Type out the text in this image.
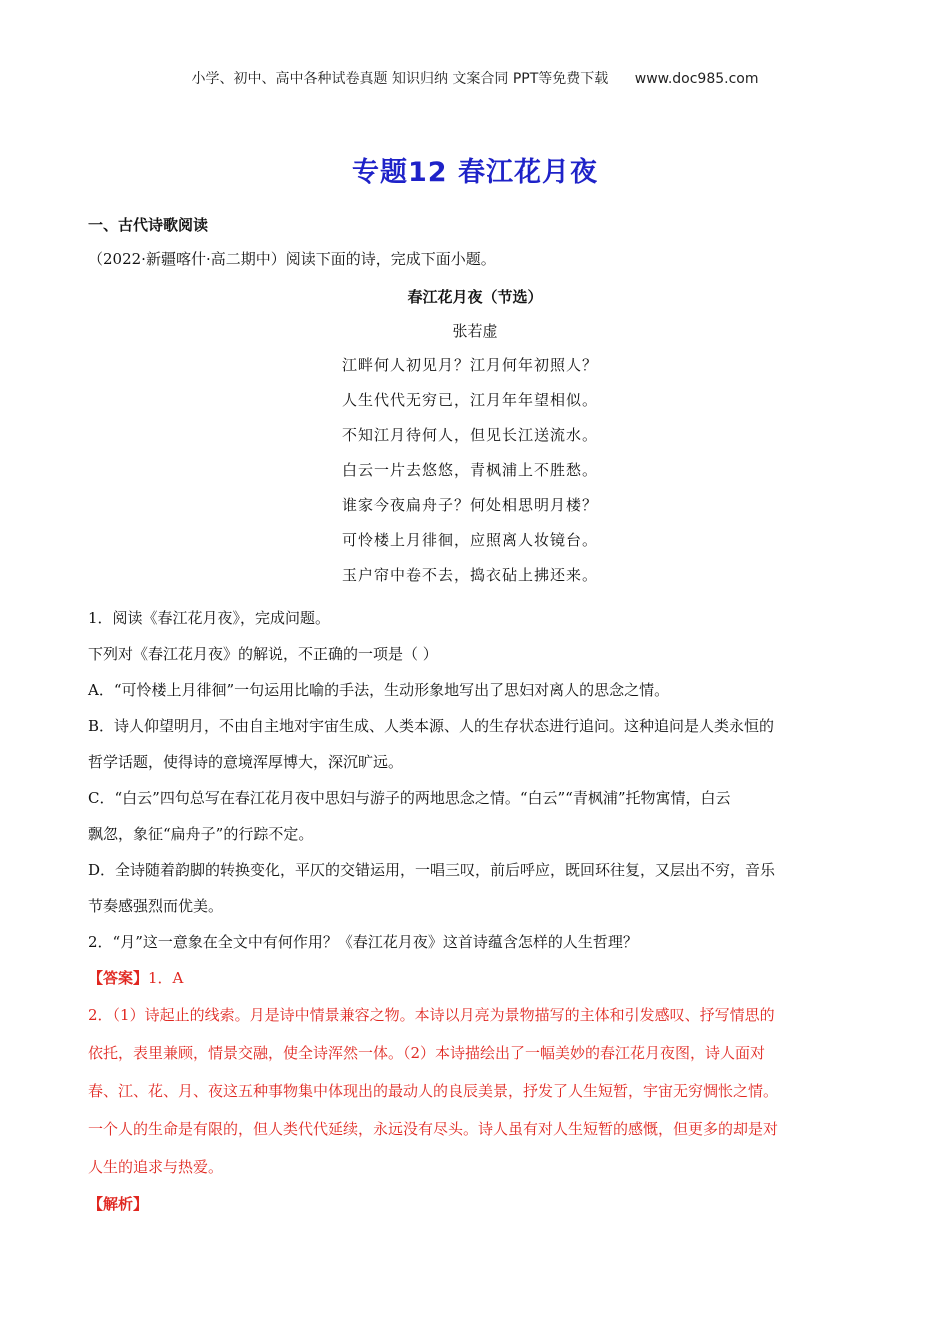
小学、初中、高中各种试卷真题 知识归纳 文案合同 PPT等免费下载 www.doc985.com
专题12 春江花月夜
一、古代诗歌阅读
（2022·新疆喀什·高二期中）阅读下面的诗，完成下面小题。
春江花月夜（节选）
张若虚
江畔何人初见月？江月何年初照人？
人生代代无穷已，江月年年望相似。
不知江月待何人，但见长江送流水。
白云一片去悠悠，青枫浦上不胜愁。
谁家今夜扁舟子？何处相思明月楼？
可怜楼上月徘徊，应照离人妆镜台。
玉户帘中卷不去，捣衣砧上拂还来。

1．阅读《春江花月夜》，完成问题。

下列对《春江花月夜》的解说，不正确的一项是（ ）

A．“可怜楼上月徘徊”一句运用比喻的手法，生动形象地写出了思妇对离人的思念之情。

B．诗人仰望明月，不由自主地对宇宙生成、人类本源、人的生存状态进行追问。这种追问是人类永恒的

哲学话题，使得诗的意境浑厚博大，深沉旷远。

C．“白云”四句总写在春江花月夜中思妇与游子的两地思念之情。“白云”“青枫浦”托物寓情，白云

飘忽，象征“扁舟子”的行踪不定。

D．全诗随着韵脚的转换变化，平仄的交错运用，一唱三叹，前后呼应，既回环往复，又层出不穷，音乐

节奏感强烈而优美。

2．“月”这一意象在全文中有何作用？《春江花月夜》这首诗蕴含怎样的人生哲理？

【答案】1．A

2．（1）诗起止的线索。月是诗中情景兼容之物。本诗以月亮为景物描写的主体和引发感叹、抒写情思的

依托，表里兼顾，情景交融，使全诗浑然一体。（2）本诗描绘出了一幅美妙的春江花月夜图，诗人面对

春、江、花、月、夜这五种事物集中体现出的最动人的良辰美景，抒发了人生短暂，宇宙无穷惆怅之情。

一个人的生命是有限的，但人类代代延续，永远没有尽头。诗人虽有对人生短暂的感慨，但更多的却是对

人生的追求与热爱。

【解析】
